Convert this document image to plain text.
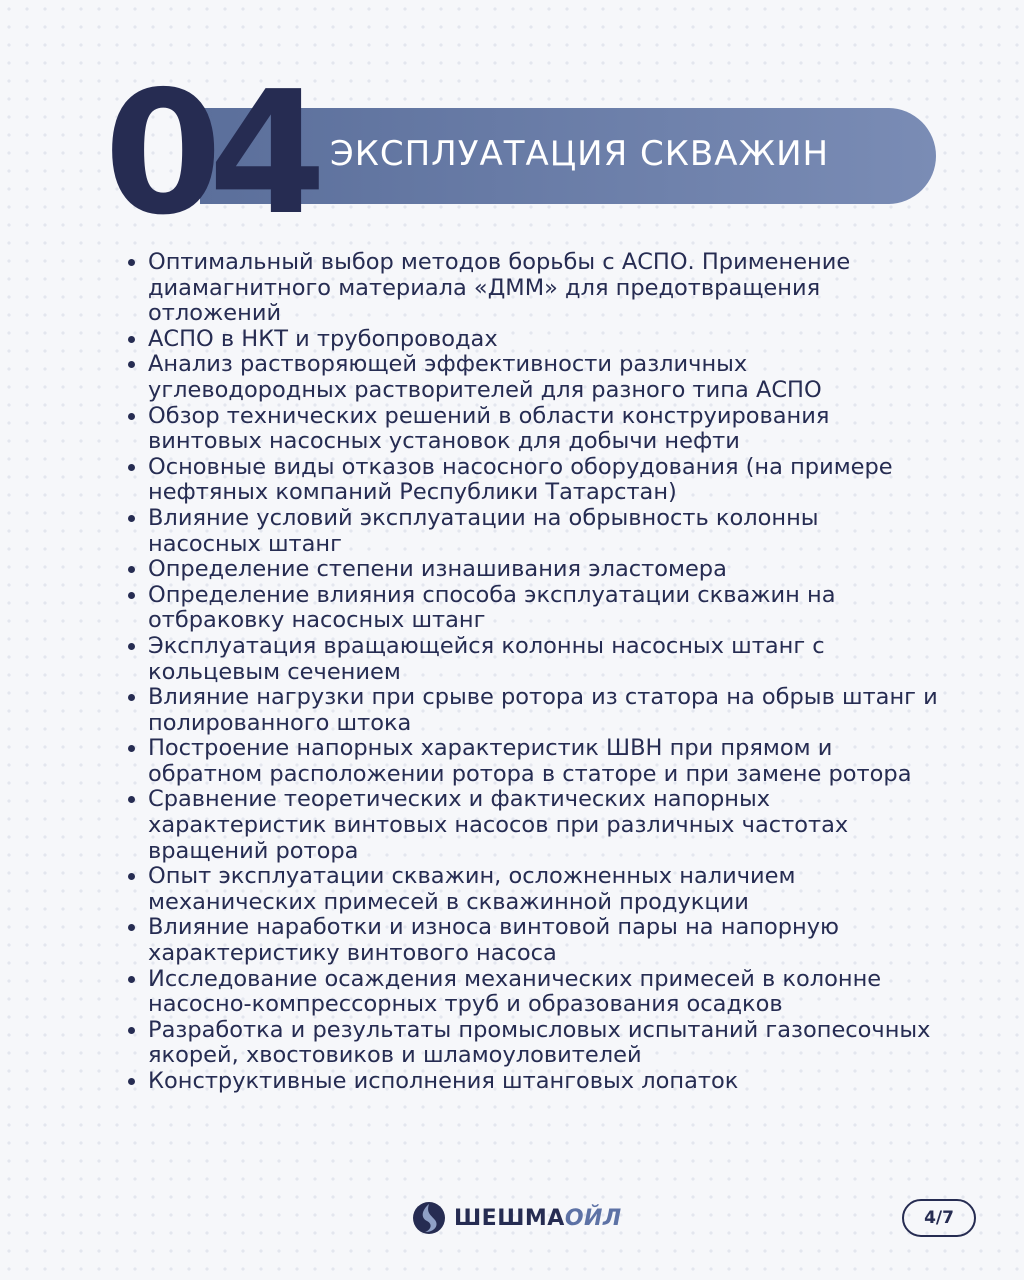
04 ЭКСПЛУАТАЦИЯ СКВАЖИН
• Оптимальный выбор методов борьбы с АСПО. Применение диамагнитного материала «ДММ» для предотвращения отложений
• АСПО в НКТ и трубопроводах
• Анализ растворяющей эффективности различных углеводородных растворителей для разного типа АСПО
• Обзор технических решений в области конструирования винтовых насосных установок для добычи нефти
• Основные виды отказов насосного оборудования (на примере нефтяных компаний Республики Татарстан)
• Влияние условий эксплуатации на обрывность колонны насосных штанг
• Определение степени изнашивания эластомера
• Определение влияния способа эксплуатации скважин на отбраковку насосных штанг
• Эксплуатация вращающейся колонны насосных штанг с кольцевым сечением
• Влияние нагрузки при срыве ротора из статора на обрыв штанг и полированного штока
• Построение напорных характеристик ШВН при прямом и обратном расположении ротора в статоре и при замене ротора
• Сравнение теоретических и фактических напорных характеристик винтовых насосов при различных частотах вращений ротора
• Опыт эксплуатации скважин, осложненных наличием механических примесей в скважинной продукции
• Влияние наработки и износа винтовой пары на напорную характеристику винтового насоса
• Исследование осаждения механических примесей в колонне насосно-компрессорных труб и образования осадков
• Разработка и результаты промысловых испытаний газопесочных якорей, хвостовиков и шламоуловителей
• Конструктивные исполнения штанговых лопаток
ШЕШМАОЙЛ	4/7
